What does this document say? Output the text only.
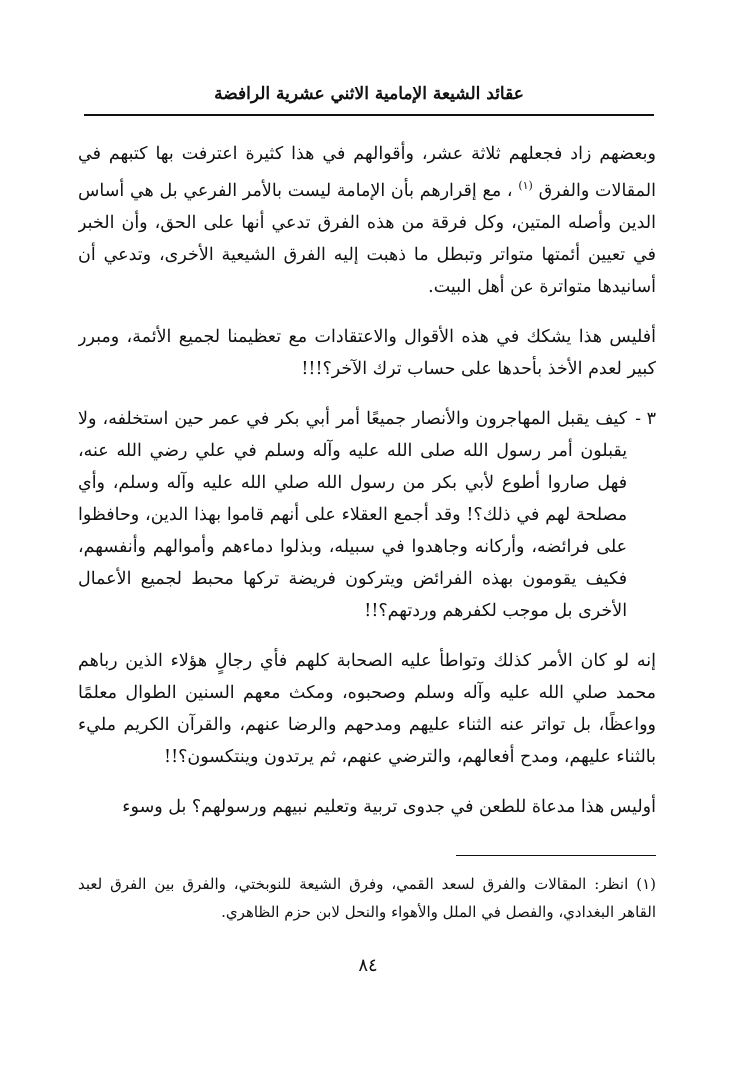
عقائد الشيعة الإمامية الاثني عشرية الرافضة

وبعضهم زاد فجعلهم ثلاثة عشر، وأقوالهم في هذا كثيرة اعترفت بها كتبهم في المقالات والفرق $^{(١)}$ ، مع إقرارهم بأن الإمامة ليست بالأمر الفرعي بل هي أساس الدين وأصله المتين، وكل فرقة من هذه الفرق تدعي أنها على الحق، وأن الخبر في تعيين أئمتها متواتر وتبطل ما ذهبت إليه الفرق الشيعية الأخرى، وتدعي أن أسانيدها متواترة عن أهل البيت.

أفليس هذا يشكك في هذه الأقوال والاعتقادات مع تعظيمنا لجميع الأئمة، ومبرر كبير لعدم الأخذ بأحدها على حساب ترك الآخر؟!!!

٣ -
كيف يقبل المهاجرون والأنصار جميعًا أمر أبي بكر في عمر حين استخلفه، ولا يقبلون أمر رسول الله صلى الله عليه وآله وسلم في علي رضي الله عنه، فهل صاروا أطوع لأبي بكر من رسول الله صلي الله عليه وآله وسلم، وأي مصلحة لهم في ذلك؟! وقد أجمع العقلاء على أنهم قاموا بهذا الدين، وحافظوا على فرائضه، وأركانه وجاهدوا في سبيله، وبذلوا دماءهم وأموالهم وأنفسهم، فكيف يقومون بهذه الفرائض ويتركون فريضة تركها محبط لجميع الأعمال الأخرى بل موجب لكفرهم وردتهم؟!!

إنه لو كان الأمر كذلك وتواطأ عليه الصحابة كلهم فأي رجالٍ هؤلاء الذين رباهم محمد صلي الله عليه وآله وسلم وصحبوه، ومكث معهم السنين الطوال معلمًا وواعظًا، بل تواتر عنه الثناء عليهم ومدحهم والرضا عنهم، والقرآن الكريم مليء بالثناء عليهم، ومدح أفعالهم، والترضي عنهم، ثم يرتدون وينتكسون؟!!

أوليس هذا مدعاة للطعن في جدوى تربية وتعليم نبيهم ورسولهم؟ بل وسوء

(١) انظر: المقالات والفرق لسعد القمي، وفرق الشيعة للنوبختي، والفرق بين الفرق لعبد القاهر البغدادي، والفصل في الملل والأهواء والنحل لابن حزم الظاهري.
٨٤
